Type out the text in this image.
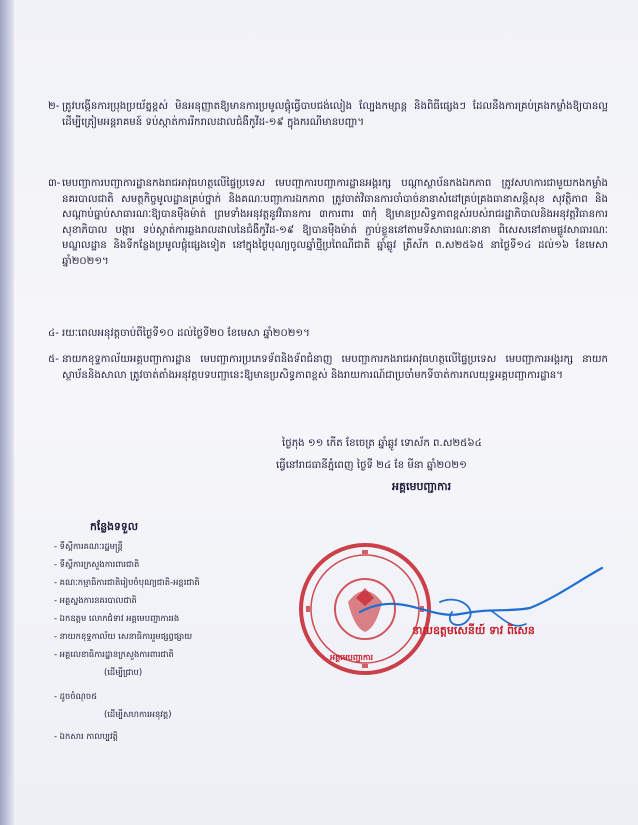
២- ត្រូវបង្កើនការប្រុងប្រយ័ត្នខ្ពស់ មិនអនុញ្ញាតឱ្យមានការប្រមូលផ្តុំធ្វើបាបជង់លៀង ល្បែងកម្សាន្ត និងពិធីផ្សេងៗ ដែលនឹងការគ្រប់គ្រងកម្លាំងឱ្យបានល្អ ដើម្បីត្រៀមអន្តរាគមន៍ ទប់ស្កាត់ការរីករាលដាលជំងឺកូវីដ-១៩ ក្នុងករណីមានបញ្ហា។
៣- មេបញ្ជាការបញ្ជាការដ្ឋានកងរាជអាវុធហត្ថលើផ្ទៃប្រទេស មេបញ្ជាការបញ្ជាការដ្ឋានអង្គរក្ស បណ្តាស្ថាប័នកងឯកភាព ត្រូវសហការជាមួយកងកម្លាំងនគរបាលជាតិ សមត្ថកិច្ចមូលដ្ឋានគ្រប់ថ្នាក់ និងគណៈបញ្ជាការឯកភាព ត្រូវចាត់វិធានការចាំបាច់នានាសំដៅគ្រប់គ្រងធានាសន្តិសុខ សុវត្ថិភាព និងសណ្តាប់ធ្នាប់សាធារណៈឱ្យបានម៉ឺងម៉ាត់ ព្រមទាំងអនុវត្តនូវវិធានការ ៣ការពារ ៣កុំ ឱ្យមានប្រសិទ្ធភាពខ្ពស់របស់រាជរដ្ឋាភិបាលនិងអនុវត្តវិធានការសុខាភិបាល បង្ការ ទប់ស្កាត់ការឆ្លងរាលដាលនៃជំងឺកូវីដ-១៩ ឱ្យបានម៉ឺងម៉ាត់ ភ្ជាប់ខ្លួននៅតាមទីសាធារណៈនានា ពិសេសនៅតាមផ្លូវសាធារណៈ មណ្ឌលដ្ឋាន និងទីកន្លែងប្រមូលផ្តុំផ្សេងទៀត នៅក្នុងថ្ងៃបុណ្យចូលឆ្នាំថ្មីប្រពៃណីជាតិ ឆ្នាំឆ្លូវ ត្រីស័ក ព.ស២៥៦៥ នាថ្ងៃទី១៤ ដល់១៦ ខែមេសា ឆ្នាំ២០២១។
៤- រយៈពេលអនុវត្តចាប់ពីថ្ងៃទី១០ ដល់ថ្ងៃទី២០ ខែមេសា ឆ្នាំ២០២១។
៥- នាយកខុទ្ទកាល័យអគ្គបញ្ជាការដ្ឋាន មេបញ្ជាការប្រភេទទ័ពនិងទ័ពជំនាញ មេបញ្ជាការកងរាជអាវុធហត្ថលើផ្ទៃប្រទេស មេបញ្ជាការអង្គរក្ស នាយកស្ថាប័ននិងសាលា ត្រូវចាត់តាំងអនុវត្តបទបញ្ជានេះឱ្យមានប្រសិទ្ធភាពខ្ពស់ និងរាយការណ៍ជាប្រចាំមកទីចាត់ការកលយុទ្ធអគ្គបញ្ជាការដ្ឋាន។
ថ្ងៃភុង ១១ កើត ខែចេត្រ ឆ្នាំឆ្លូវ ទោស័ក ព.ស២៥៦៤
ធ្វើនៅរាជធានីភ្នំពេញ ថ្ងៃទី ២៤ ខែ មីនា ឆ្នាំ២០២១
អគ្គមេបញ្ជាការ
អគ្គមេបញ្ជាការ
នាយឧត្តមសេនីយ៍ ទាវ ពិសេន
កន្លែងទទួល
- ទីស្តីការគណៈរដ្ឋមន្ត្រី
- ទីស្តីការក្រសួងការពារជាតិ
- គណៈកម្មាធិការជាតិរៀបចំបុណ្យជាតិ-អន្តរជាតិ
- អគ្គស្នងការនគរបាលជាតិ
- ឯកឧត្តម លោកជំទាវ អគ្គមេបញ្ជាការរង
- នាយកខុទ្ទកាល័យ សេនាធិការរួមផ្សព្វផ្សាយ
- អគ្គលេខាធិការដ្ឋានក្រសួងការពារជាតិ
(ដើម្បីជ្រាប)
- ដូចចំណុច៥
(ដើម្បីសហការអនុវត្ត)
- ឯកសារ កាលប្បវត្តិ
